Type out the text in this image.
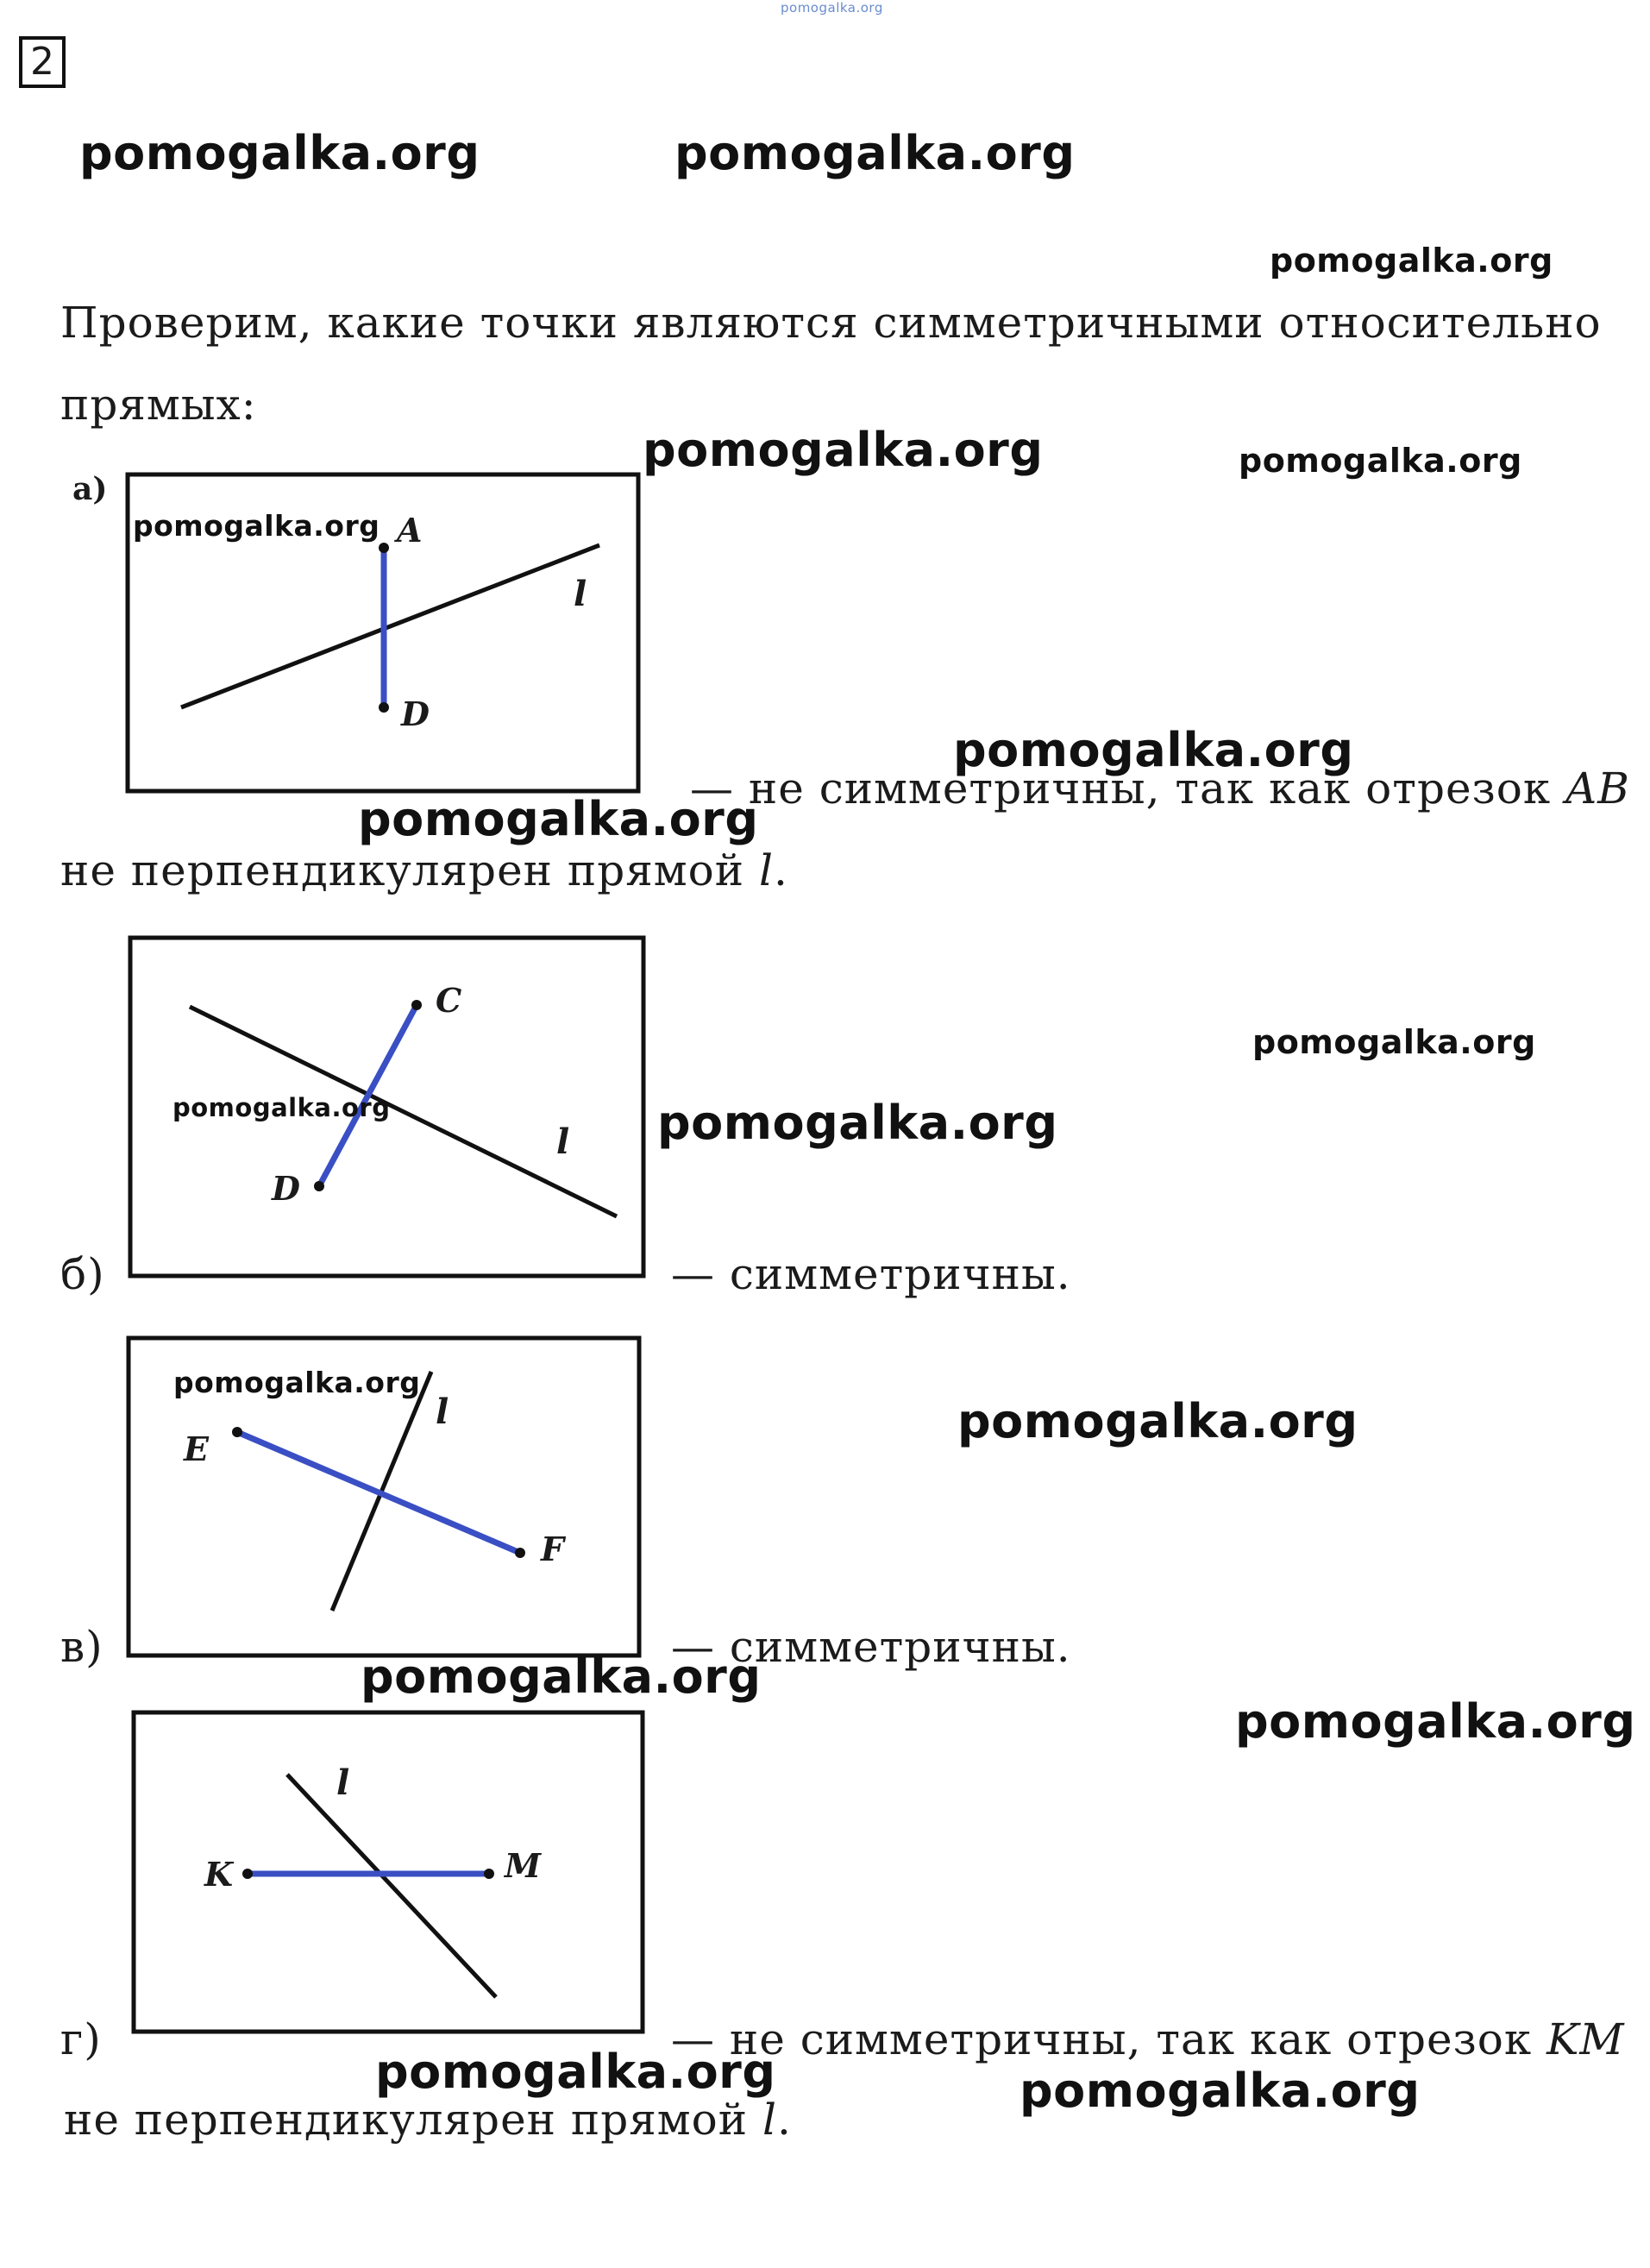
pomogalka.org
2
pomogalka.org	pomogalka.org
pomogalka.org
pomogalka.org	pomogalka.org
pomogalka.org
pomogalka.org
pomogalka.org
pomogalka.org
pomogalka.org
pomogalka.org
pomogalka.org
pomogalka.org	pomogalka.org
Проверим, какие точки являются симметричными относительно
прямых:
а)
A
D
l
pomogalka.org
— не симметричны, так как отрезок AB
не перпендикулярен прямой l.
C
D
l
pomogalka.org
б)	— симметричны.
E
F
l
pomogalka.org
в)	— симметричны.
K	M
l
г)	— не симметричны, так как отрезок KM
не перпендикулярен прямой l.
